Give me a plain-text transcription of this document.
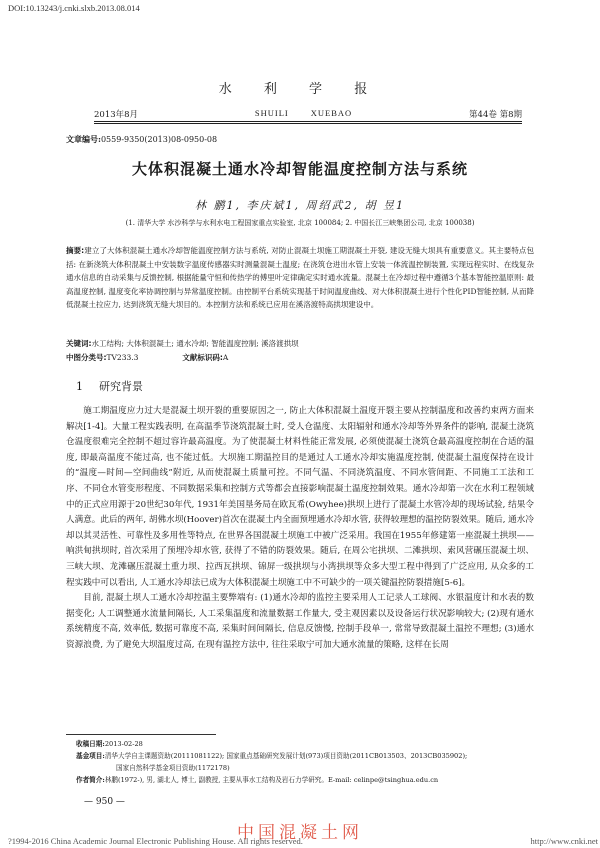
DOI:10.13243/j.cnki.slxb.2013.08.014
水 利 学 报
2013年8月	SHUILI	XUEBAO	第44卷 第8期
文章编号:0559-9350(2013)08-0950-08
大体积混凝土通水冷却智能温度控制方法与系统
林 鹏1, 李庆斌1, 周绍武2, 胡 昱1
(1. 清华大学 水沙科学与水利水电工程国家重点实验室, 北京 100084; 2. 中国长江三峡集团公司, 北京 100038)
摘要:建立了大体积混凝土通水冷却智能温度控制方法与系统, 对防止混凝土坝施工期混凝土开裂, 建设无缝大坝具有重要意义。其主要特点包括: 在新浇筑大体积混凝土中安装数字温度传感器实时测量混凝土温度; 在浇筑仓进出水管上安装一体流温控制装置, 实现远程实时、在线复杂通水信息的自动采集与反馈控制, 根据能量守恒和传热学的傅里叶定律确定实时通水流量。混凝土在冷却过程中遵循3个基本智能控温原则: 最高温度控制, 温度变化率协调控制与异常温度控制。由控制平台系统实现基于时间温度曲线、对大体积混凝土进行个性化PID智能控制, 从而降低混凝土拉应力, 达到浇筑无缝大坝目的。本控制方法和系统已应用在溪洛渡特高拱坝建设中。
关键词:水工结构; 大体积混凝土; 通水冷却; 智能温度控制; 溪洛渡拱坝
中图分类号:TV233.3	文献标识码:A
1 研究背景

施工期温度应力过大是混凝土坝开裂的重要原因之一, 防止大体积混凝土温度开裂主要从控制温度和改善约束两方面来解决[1-4]。大量工程实践表明, 在高温季节浇筑混凝土时, 受人仓温度、太阳辐射和通水冷却等外界条件的影响, 混凝土浇筑仓温度很难完全控制不超过容许最高温度。为了使混凝土材料性能正常发展, 必须使混凝土浇筑仓最高温度控制在合适的温度, 即最高温度不能过高, 也不能过低。大坝施工期温控目的是通过人工通水冷却实施温度控制, 使混凝土温度保持在设计的“温度—时间—空间曲线”附近, 从而使混凝土质量可控。不同气温、不同浇筑温度、不同水管间距、不同施工工法和工序、不同仓水管变形程度、不同数据采集和控制方式等都会直接影响混凝土温度控制效果。通水冷却第一次在水利工程领域中的正式应用源于20世纪30年代, 1931年美国垦务局在欧瓦希(Owyhee)拱坝上进行了混凝土水管冷却的现场试验, 结果令人满意。此后的两年, 胡佛水坝(Hoover)首次在混凝土内全面预埋通水冷却水管, 获得较理想的温控防裂效果。随后, 通水冷却以其灵活性、可靠性及多用性等特点, 在世界各国混凝土坝施工中被广泛采用。我国在1955年修建第一座混凝土拱坝——响洪甸拱坝时, 首次采用了预埋冷却水管, 获得了不错的防裂效果。随后, 在周公宅拱坝、二滩拱坝、索风营碾压混凝土坝、三峡大坝、龙滩碾压混凝土重力坝、拉西瓦拱坝、锦屏一级拱坝与小湾拱坝等众多大型工程中得到了广泛应用, 从众多的工程实践中可以看出, 人工通水冷却法已成为大体积混凝土坝施工中不可缺少的一项关键温控防裂措施[5-6]。

目前, 混凝土坝人工通水冷却控温主要弊端有: (1)通水冷却的监控主要采用人工记录人工球阀、水银温度计和水表的数据变化; 人工调整通水流量间隔长, 人工采集温度和流量数据工作量大, 受主观因素以及设备运行状况影响较大; (2)现有通水系统精度不高, 效率低, 数据可靠度不高, 采集时间间隔长, 信息反馈慢, 控制手段单一, 常常导致混凝土温控不理想; (3)通水资源浪费, 为了避免大坝温度过高, 在现有温控方法中, 往往采取宁可加大通水流量的策略, 这样在长周

收稿日期:2013-02-28
基金项目:清华大学自主课题资助(20111081122); 国家重点基础研究发展计划(973)项目资助(2011CB013503、2013CB035902);
国家自然科学基金项目资助(1172178)
作者简介:林鹏(1972-), 男, 湖北人, 博士, 副教授, 主要从事水工结构及岩石力学研究。E-mail: celinpe@tsinghua.edu.cn
— 950 —
中国混凝土网
?1994-2016 China Academic Journal Electronic Publishing House. All rights reserved.	http://www.cnki.net
